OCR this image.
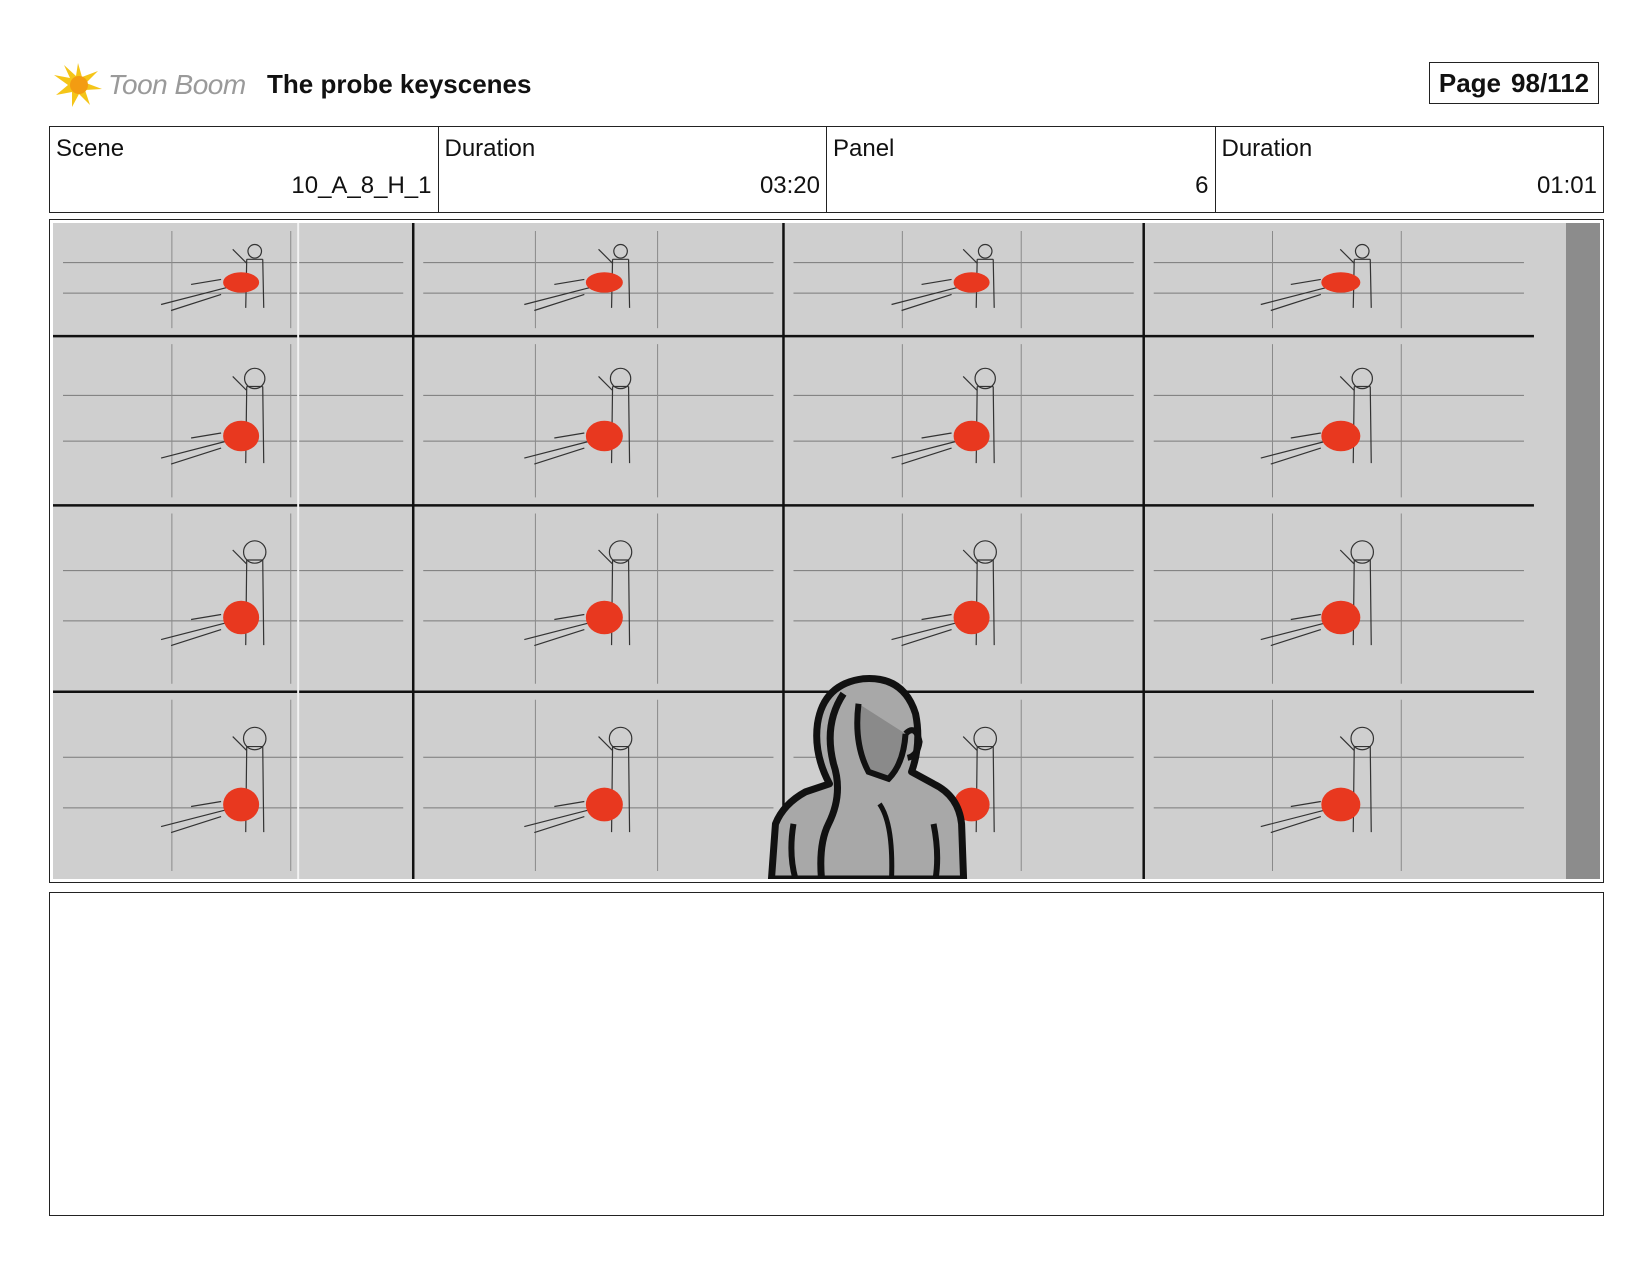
Toon Boom The probe keyscenes	Page 98/112
Scene
10_A_8_H_1
Duration
03:20
Panel
6
Duration
01:01
